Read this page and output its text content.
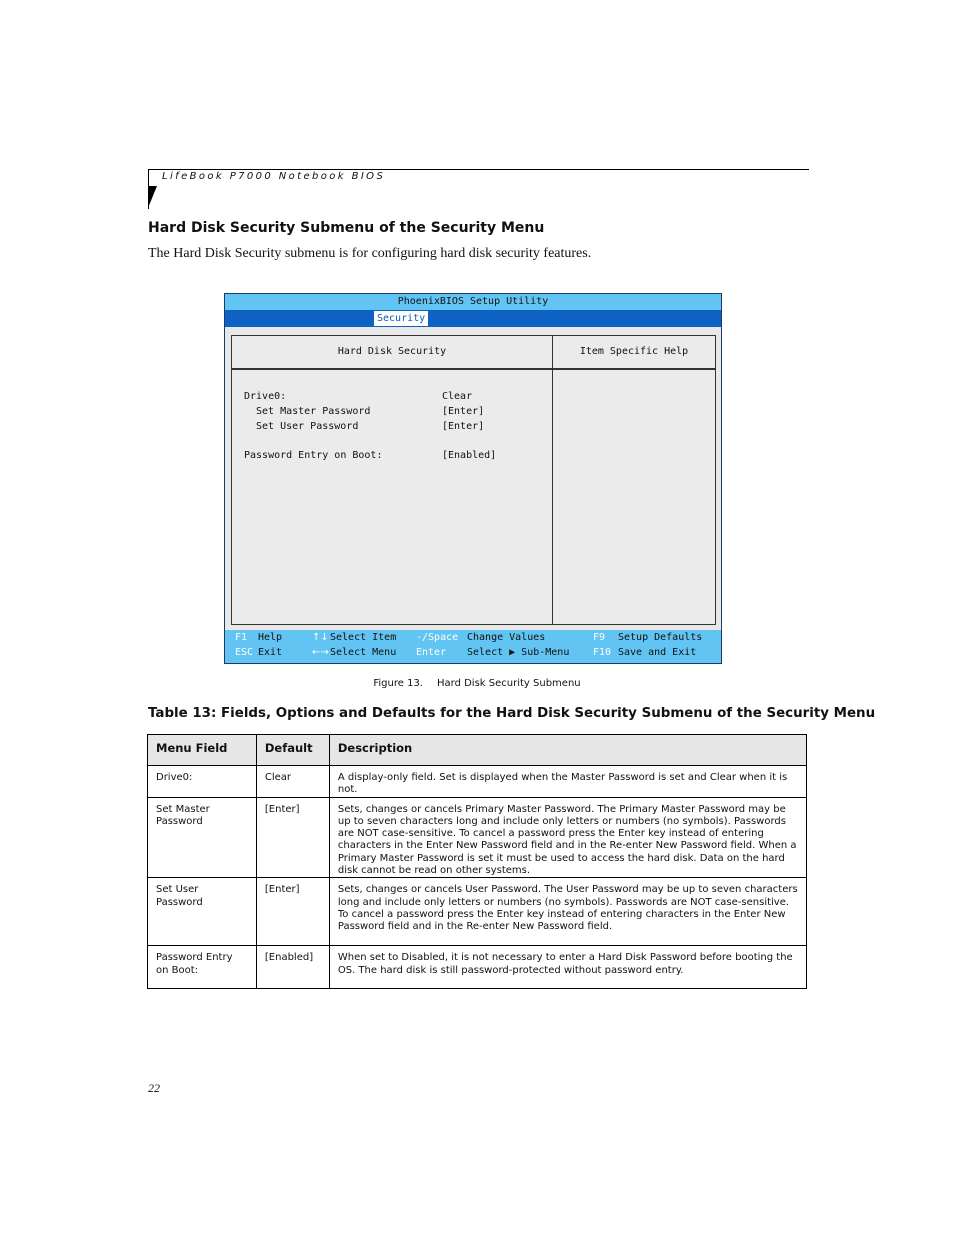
LifeBook P7000 Notebook BIOS
Hard Disk Security Submenu of the Security Menu
The Hard Disk Security submenu is for configuring hard disk security features.
PhoenixBIOS Setup Utility
Security
Hard Disk Security
Drive0:	Clear
Set Master Password	[Enter]
Set User Password	[Enter]
Password Entry on Boot:	[Enabled]
Item Specific Help
F1 Help
ESC Exit
↑↓ Select Item
←→ Select Menu
-/Space Change Values
Enter Select ▶ Sub-Menu
F9 Setup Defaults
F10 Save and Exit
Figure 13. Hard Disk Security Submenu
Table 13: Fields, Options and Defaults for the Hard Disk Security Submenu of the Security Menu
Menu Field	Default	Description
Drive0:	Clear	A display-only field. Set is displayed when the Master Password is set and Clear when it is not.
Set Master Password	[Enter]	Sets, changes or cancels Primary Master Password. The Primary Master Password may be up to seven characters long and include only letters or numbers (no symbols). Passwords are NOT case-sensitive. To cancel a password press the Enter key instead of entering characters in the Enter New Password field and in the Re-enter New Password field. When a Primary Master Password is set it must be used to access the hard disk. Data on the hard disk cannot be read on other systems.
Set User Password	[Enter]	Sets, changes or cancels User Password. The User Password may be up to seven characters long and include only letters or numbers (no symbols). Passwords are NOT case-sensitive. To cancel a password press the Enter key instead of entering characters in the Enter New Password field and in the Re-enter New Password field.
Password Entry on Boot:	[Enabled]	When set to Disabled, it is not necessary to enter a Hard Disk Password before booting the OS. The hard disk is still password-protected without password entry.
22
